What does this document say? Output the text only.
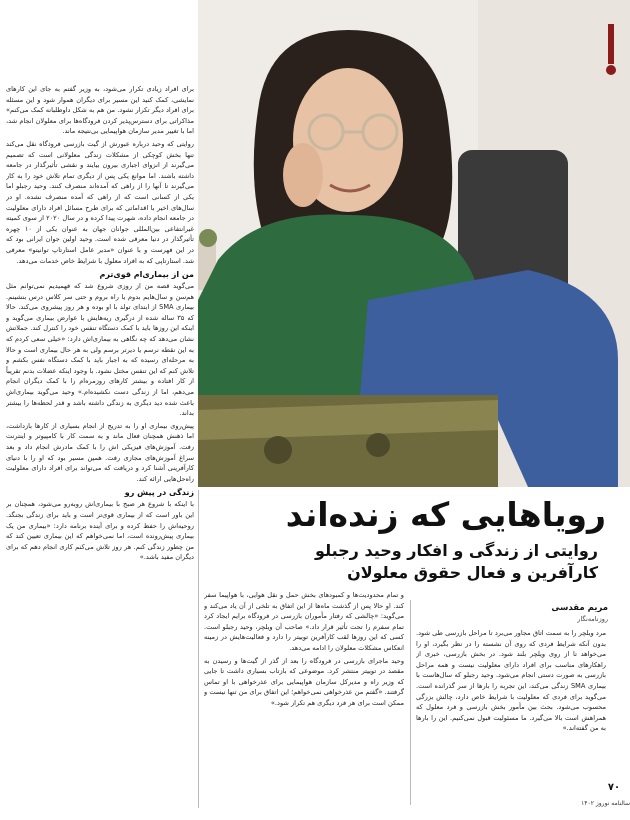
برای افراد زیادی تکرار می‌شود، به وزیر گفتم به جای این کارهای نمایشی، کمک کنید این مسیر برای دیگران هموار شود و این مسئله برای افراد دیگر تکرار نشود. من هم به شکل داوطلبانه کمک می‌کنم» مذاکراتی برای دسترس‌پذیر کردن فرودگاه‌ها برای معلولان انجام شد، اما با تغییر مدیر سازمان هواپیمایی بی‌نتیجه ماند.

روایتی که وحید درباره عبورش از گیت بازرسی فرودگاه نقل می‌کند تنها بخش کوچکی از مشکلات زندگی معلولانی است که تصمیم می‌گیرند از انزوای اجباری بیرون بیایند و نقشی تأثیرگذار در جامعه داشته باشند. اما موانع یکی پس از دیگری تمام تلاش خود را به کار می‌گیرند تا آنها را از راهی که آمده‌اند منصرف کنند. وحید رجبلو اما یکی از کسانی است که از راهی که آمده منصرف نشده. او در سال‌های اخیر با اقداماتی که برای طرح مسائل افراد دارای معلولیت در جامعه انجام داده، شهرت پیدا کرده و در سال ۲۰۲۰ از سوی کمیته غیرانتفاعی بین‌المللی جوانان جهان به عنوان یکی از ۱۰ چهره تأثیرگذار در دنیا معرفی شده است. وحید اولین جوان ایرانی بود که در این فهرست و با عنوان «مدیر عامل استارتاپ توانیتو» معرفی شد. استارتاپی که به افراد معلول با شرایط خاص خدمات می‌دهد.

من از بیماری‌ام قوی‌ترم

می‌گوید قصه من از روزی شروع شد که فهمیدیم نمی‌توانم مثل هم‌سن و سال‌هایم بدوم یا راه بروم و حتی سر کلاس درس بنشینم. بیماری SMA از ابتدای تولد با او بوده و هر روز پیشروی می‌کند. حالا که ۳۵ ساله شده از درگیری ریه‌هایش با عوارض بیماری می‌گوید و اینکه این روزها باید با کمک دستگاه تنفس خود را کنترل کند. جملاتش نشان می‌دهد که چه نگاهی به بیماری‌اش دارد: «خیلی سعی کردم که به این نقطه نرسم یا دیرتر برسم ولی به هر حال بیماری است و حالا به مرحله‌ای رسیده که به اجبار باید با کمک دستگاه نفس بکشم و تلاش کنم که این تنفس مختل نشود. با وجود اینکه عضلات بدنم تقریباً از کار افتاده و بیشتر کارهای روزمره‌ام را با کمک دیگران انجام می‌دهم، اما از زندگی دست نکشیده‌ام.» وحید می‌گوید بیماری‌اش باعث شده دید دیگری به زندگی داشته باشد و قدر لحظه‌ها را بیشتر بداند.

پیش‌روی بیماری او را به تدریج از انجام بسیاری از کارها بازداشت، اما ذهنش همچنان فعال ماند و به سمت کار با کامپیوتر و اینترنت رفت. آموزش‌های فیزیکی اش را با کمک مادرش انجام داد و بعد سراغ آموزش‌های مجازی رفت. همین مسیر بود که او را با دنیای کارآفرینی آشنا کرد و دریافت که می‌تواند برای افراد دارای معلولیت راه‌حل‌هایی ارائه کند.

زندگی در پیش رو

با اینکه با شروع هر صبح با بیماری‌اش روبه‌رو می‌شود، همچنان بر این باور است که از بیماری قوی‌تر است و باید برای زندگی بجنگد. روحیه‌اش را حفظ کرده و برای آینده برنامه دارد: «بیماری من یک بیماری پیش‌رونده است، اما نمی‌خواهم که این بیماری تعیین کند که من چطور زندگی کنم. هر روز تلاش می‌کنم کاری انجام دهم که برای دیگران مفید باشد.»

رویاهایی که زنده‌اند
روایتی از زندگی و افکار وحید رجبلو
کارآفرین و فعال حقوق معلولان
مریم مقدسی
روزنامه‌نگار

مرد ویلچر را به سمت اتاق مجاور می‌برد تا مراحل بازرسی طی شود. بدون آنکه شرایط فردی که روی آن نشسته را در نظر بگیرد، او را می‌خواهد تا از روی ویلچر بلند شود. در بخش بازرسی، خبری از راهکارهای مناسب برای افراد دارای معلولیت نیست و همه مراحل بازرسی به صورت دستی انجام می‌شود. وحید رجبلو که سال‌هاست با بیماری SMA زندگی می‌کند، این تجربه را بارها از سر گذرانده است. می‌گوید برای فردی که معلولیت با شرایط خاص دارد، چالش بزرگی محسوب می‌شود. بحث بین مأمور بخش بازرسی و فرد معلول که همراهش است بالا می‌گیرد. ما مسئولیت قبول نمی‌کنیم. این را بارها به من گفته‌اند.»

و تمام محدودیت‌ها و کمبودهای بخش حمل و نقل هوایی، با هواپیما سفر کند. او حالا پس از گذشت ماه‌ها از این اتفاق به تلخی از آن یاد می‌کند و می‌گوید: «چالشی که رفتار مأموران بازرسی در فرودگاه برایم ایجاد کرد تمام سفرم را تحت تأثیر قرار داد.» صاحب آن ویلچر، وحید رجبلو است. کسی که این روزها لقب کارآفرین توییتر را دارد و فعالیت‌هایش در زمینه انعکاس مشکلات معلولان را ادامه می‌دهد.

وحید ماجرای بازرسی در فرودگاه را بعد از گذر از گیت‌ها و رسیدن به مقصد در توییتر منتشر کرد. موضوعی که بازتاب بسیاری داشت تا جایی که وزیر راه و مدیرکل سازمان هواپیمایی برای عذرخواهی با او تماس گرفتند. «گفتم من عذرخواهی نمی‌خواهم؛ این اتفاق برای من تنها نیست و ممکن است برای هر فرد دیگری هم تکرار شود.»

۷۰
سالنامه نوروز ۱۴۰۲
